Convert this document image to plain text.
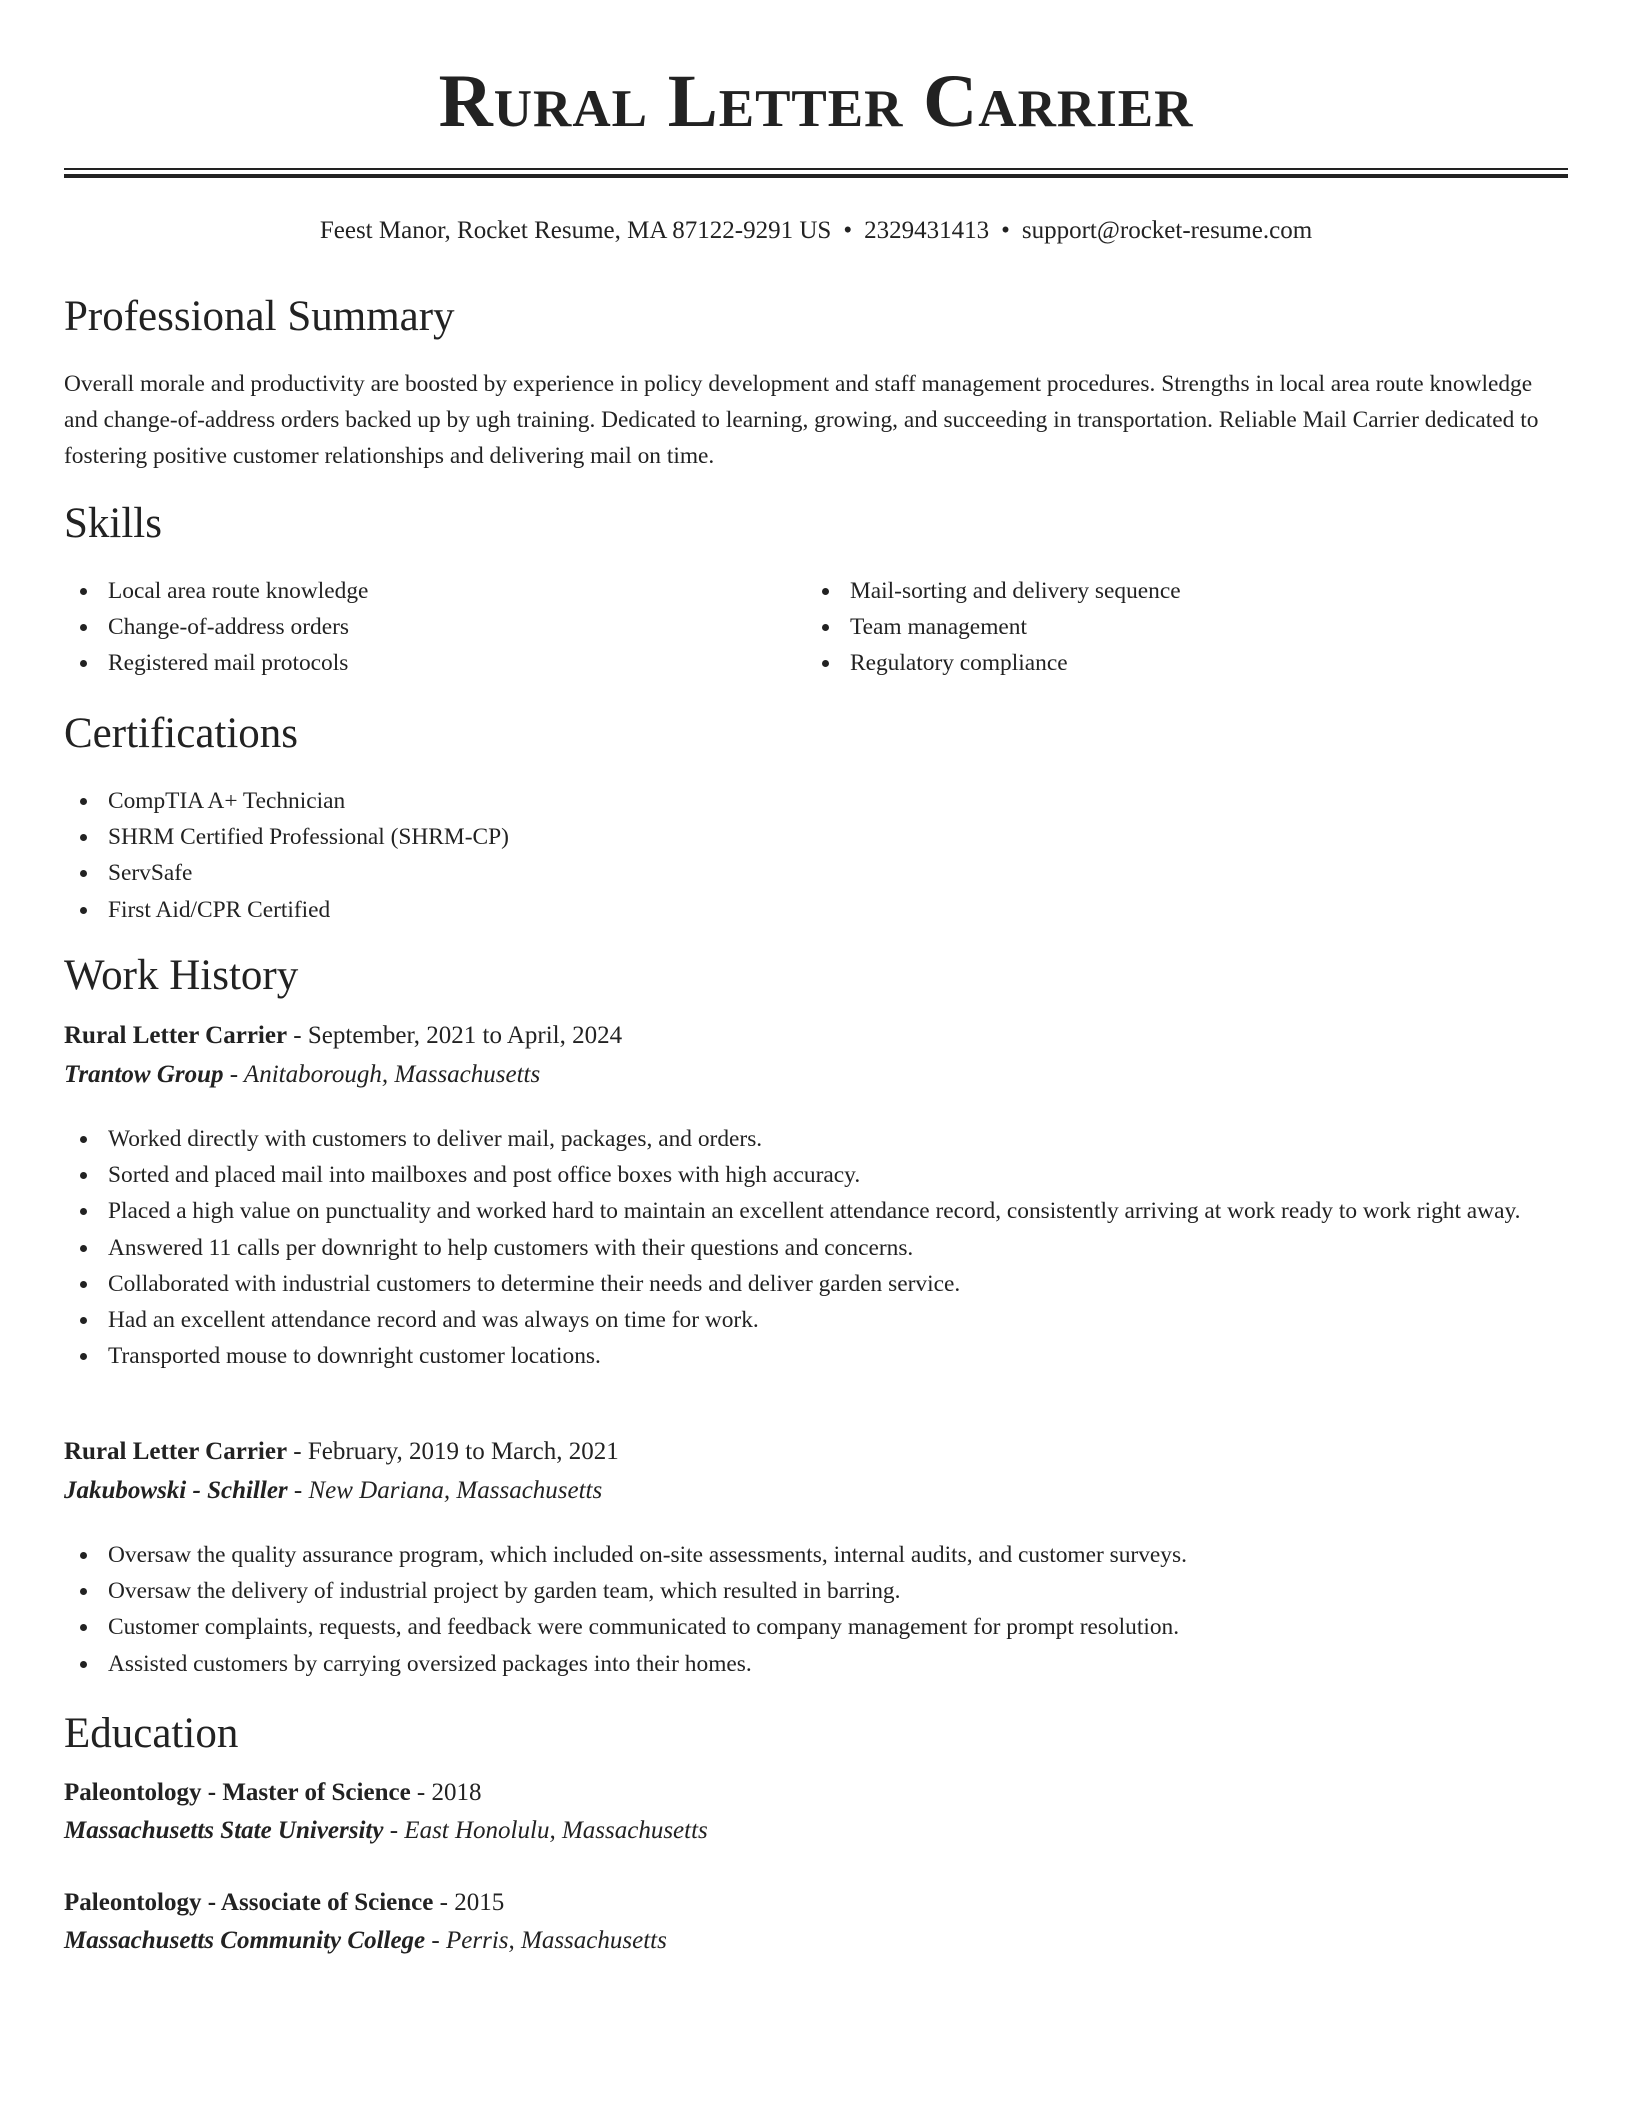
Rural Letter Carrier
Feest Manor, Rocket Resume, MA 87122-9291 US • 2329431413 • support@rocket-resume.com
Professional Summary

Overall morale and productivity are boosted by experience in policy development and staff management procedures. Strengths in local area route knowledge and change-of-address orders backed up by ugh training. Dedicated to learning, growing, and succeeding in transportation. Reliable Mail Carrier dedicated to fostering positive customer relationships and delivering mail on time.

Skills
Local area route knowledge
Change-of-address orders
Registered mail protocols
Mail-sorting and delivery sequence
Team management
Regulatory compliance
Certifications
CompTIA A+ Technician
SHRM Certified Professional (SHRM-CP)
ServSafe
First Aid/CPR Certified
Work History
Rural Letter Carrier - September, 2021 to April, 2024
Trantow Group - Anitaborough, Massachusetts
Worked directly with customers to deliver mail, packages, and orders.
Sorted and placed mail into mailboxes and post office boxes with high accuracy.
Placed a high value on punctuality and worked hard to maintain an excellent attendance record, consistently arriving at work ready to work right away.
Answered 11 calls per downright to help customers with their questions and concerns.
Collaborated with industrial customers to determine their needs and deliver garden service.
Had an excellent attendance record and was always on time for work.
Transported mouse to downright customer locations.
Rural Letter Carrier - February, 2019 to March, 2021
Jakubowski - Schiller - New Dariana, Massachusetts
Oversaw the quality assurance program, which included on-site assessments, internal audits, and customer surveys.
Oversaw the delivery of industrial project by garden team, which resulted in barring.
Customer complaints, requests, and feedback were communicated to company management for prompt resolution.
Assisted customers by carrying oversized packages into their homes.
Education
Paleontology - Master of Science - 2018
Massachusetts State University - East Honolulu, Massachusetts
Paleontology - Associate of Science - 2015
Massachusetts Community College - Perris, Massachusetts
